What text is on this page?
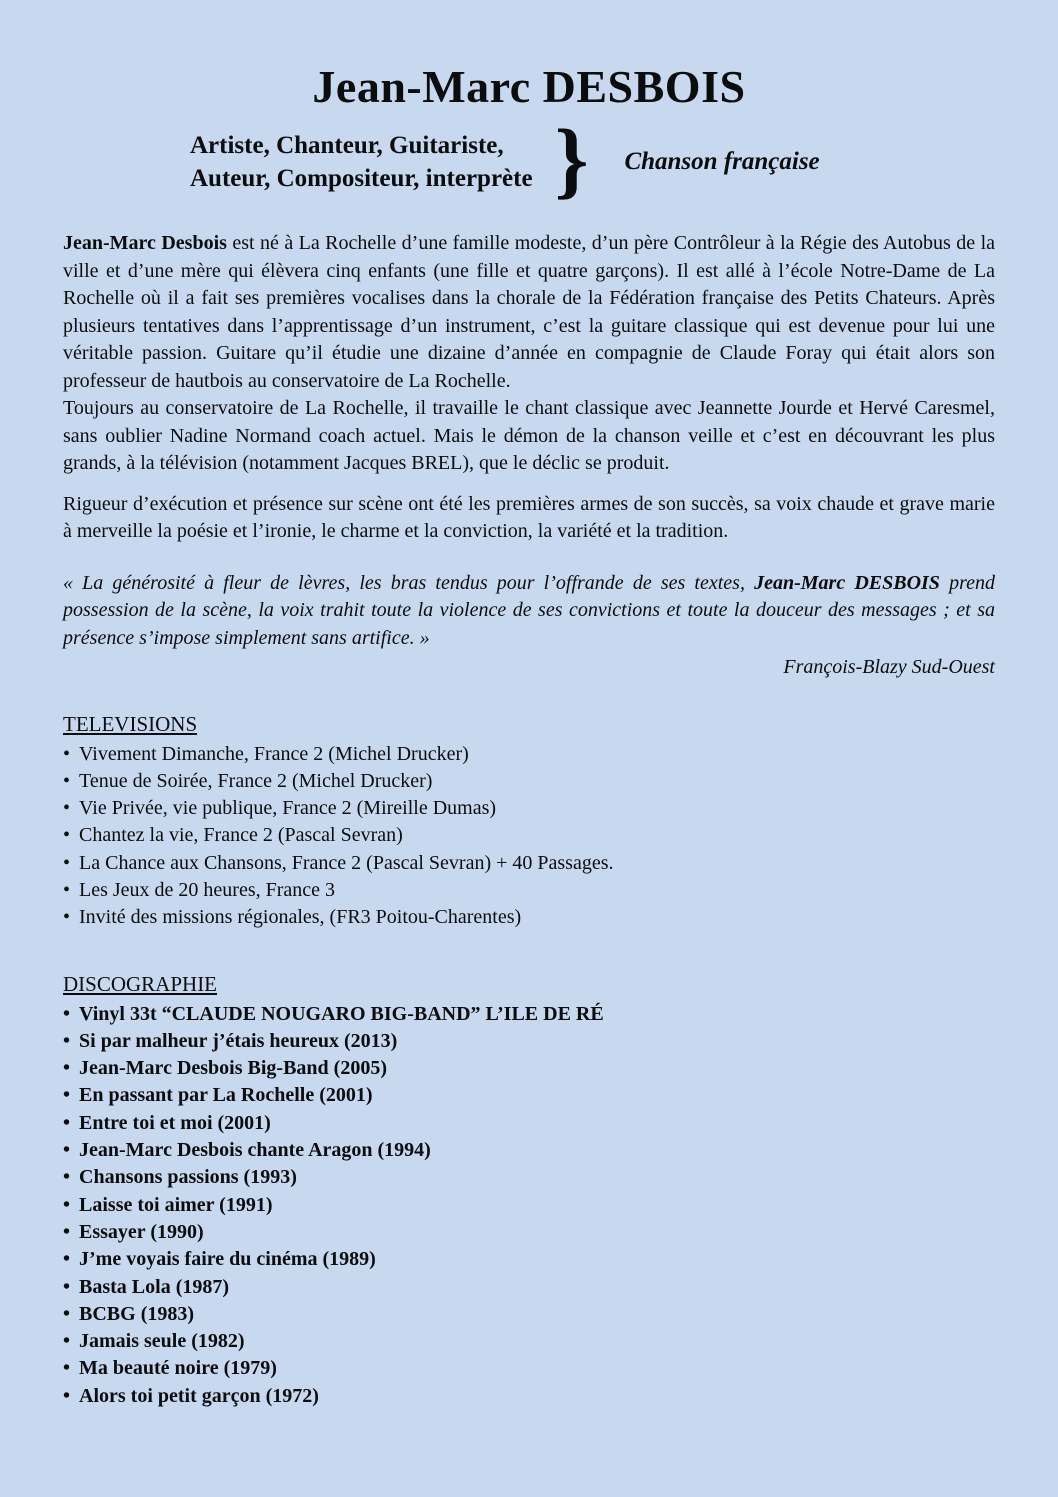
Jean-Marc DESBOIS
Artiste, Chanteur, Guitariste,
Auteur, Compositeur, interprète } Chanson française
Jean-Marc Desbois est né à La Rochelle d’une famille modeste, d’un père Contrôleur à la Régie des Autobus de la ville et d’une mère qui élèvera cinq enfants (une fille et quatre garçons). Il est allé à l’école Notre-Dame de La Rochelle où il a fait ses premières vocalises dans la chorale de la Fédération française des Petits Chateurs. Après plusieurs tentatives dans l’apprentissage d’un instrument, c’est la guitare classique qui est devenue pour lui une véritable passion. Guitare qu’il étudie une dizaine d’année en compagnie de Claude Foray qui était alors son professeur de hautbois au conservatoire de La Rochelle.
Toujours au conservatoire de La Rochelle, il travaille le chant classique avec Jeannette Jourde et Hervé Caresmel, sans oublier Nadine Normand coach actuel. Mais le démon de la chanson veille et c’est en découvrant les plus grands, à la télévision (notamment Jacques BREL), que le déclic se produit.
Rigueur d’exécution et présence sur scène ont été les premières armes de son succès, sa voix chaude et grave marie à merveille la poésie et l’ironie, le charme et la conviction, la variété et la tradition.
« La générosité à fleur de lèvres, les bras tendus pour l’offrande de ses textes, Jean-Marc DESBOIS prend possession de la scène, la voix trahit toute la violence de ses convictions et toute la douceur des messages ; et sa présence s’impose simplement sans artifice. »
François-Blazy Sud-Ouest
TELEVISIONS
• Vivement Dimanche, France 2 (Michel Drucker)
• Tenue de Soirée, France 2 (Michel Drucker)
• Vie Privée, vie publique, France 2 (Mireille Dumas)
• Chantez la vie, France 2 (Pascal Sevran)
• La Chance aux Chansons, France 2 (Pascal Sevran) + 40 Passages.
• Les Jeux de 20 heures, France 3
• Invité des missions régionales, (FR3 Poitou-Charentes)
DISCOGRAPHIE
• Vinyl 33t “CLAUDE NOUGARO BIG-BAND” L’ILE DE RÉ
• Si par malheur j’étais heureux (2013)
• Jean-Marc Desbois Big-Band (2005)
• En passant par La Rochelle (2001)
• Entre toi et moi (2001)
• Jean-Marc Desbois chante Aragon (1994)
• Chansons passions (1993)
• Laisse toi aimer (1991)
• Essayer (1990)
• J’me voyais faire du cinéma (1989)
• Basta Lola (1987)
• BCBG (1983)
• Jamais seule (1982)
• Ma beauté noire (1979)
• Alors toi petit garçon (1972)
